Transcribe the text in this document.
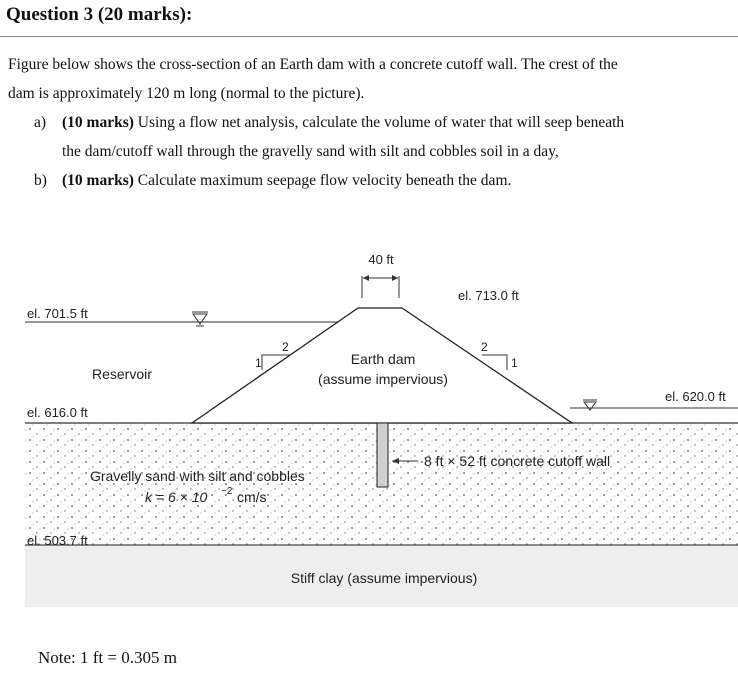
Question 3 (20 marks):
Figure below shows the cross-section of an Earth dam with a concrete cutoff wall. The crest of the
dam is approximately 120 m long (normal to the picture).
a) (10 marks) Using a flow net analysis, calculate the volume of water that will seep beneath
the dam/cutoff wall through the gravelly sand with silt and cobbles soil in a day,
b) (10 marks) Calculate maximum seepage flow velocity beneath the dam.
40 ft
2
1
2
1
el. 701.5 ft
el. 713.0 ft
el. 616.0 ft
el. 620.0 ft
el. 503.7 ft
Reservoir
Earth dam
(assume impervious)
Gravelly sand with silt and cobbles
k = 6 × 10 −2 cm/s
8 ft × 52 ft concrete cutoff wall
Stiff clay (assume impervious)
Note: 1 ft = 0.305 m
